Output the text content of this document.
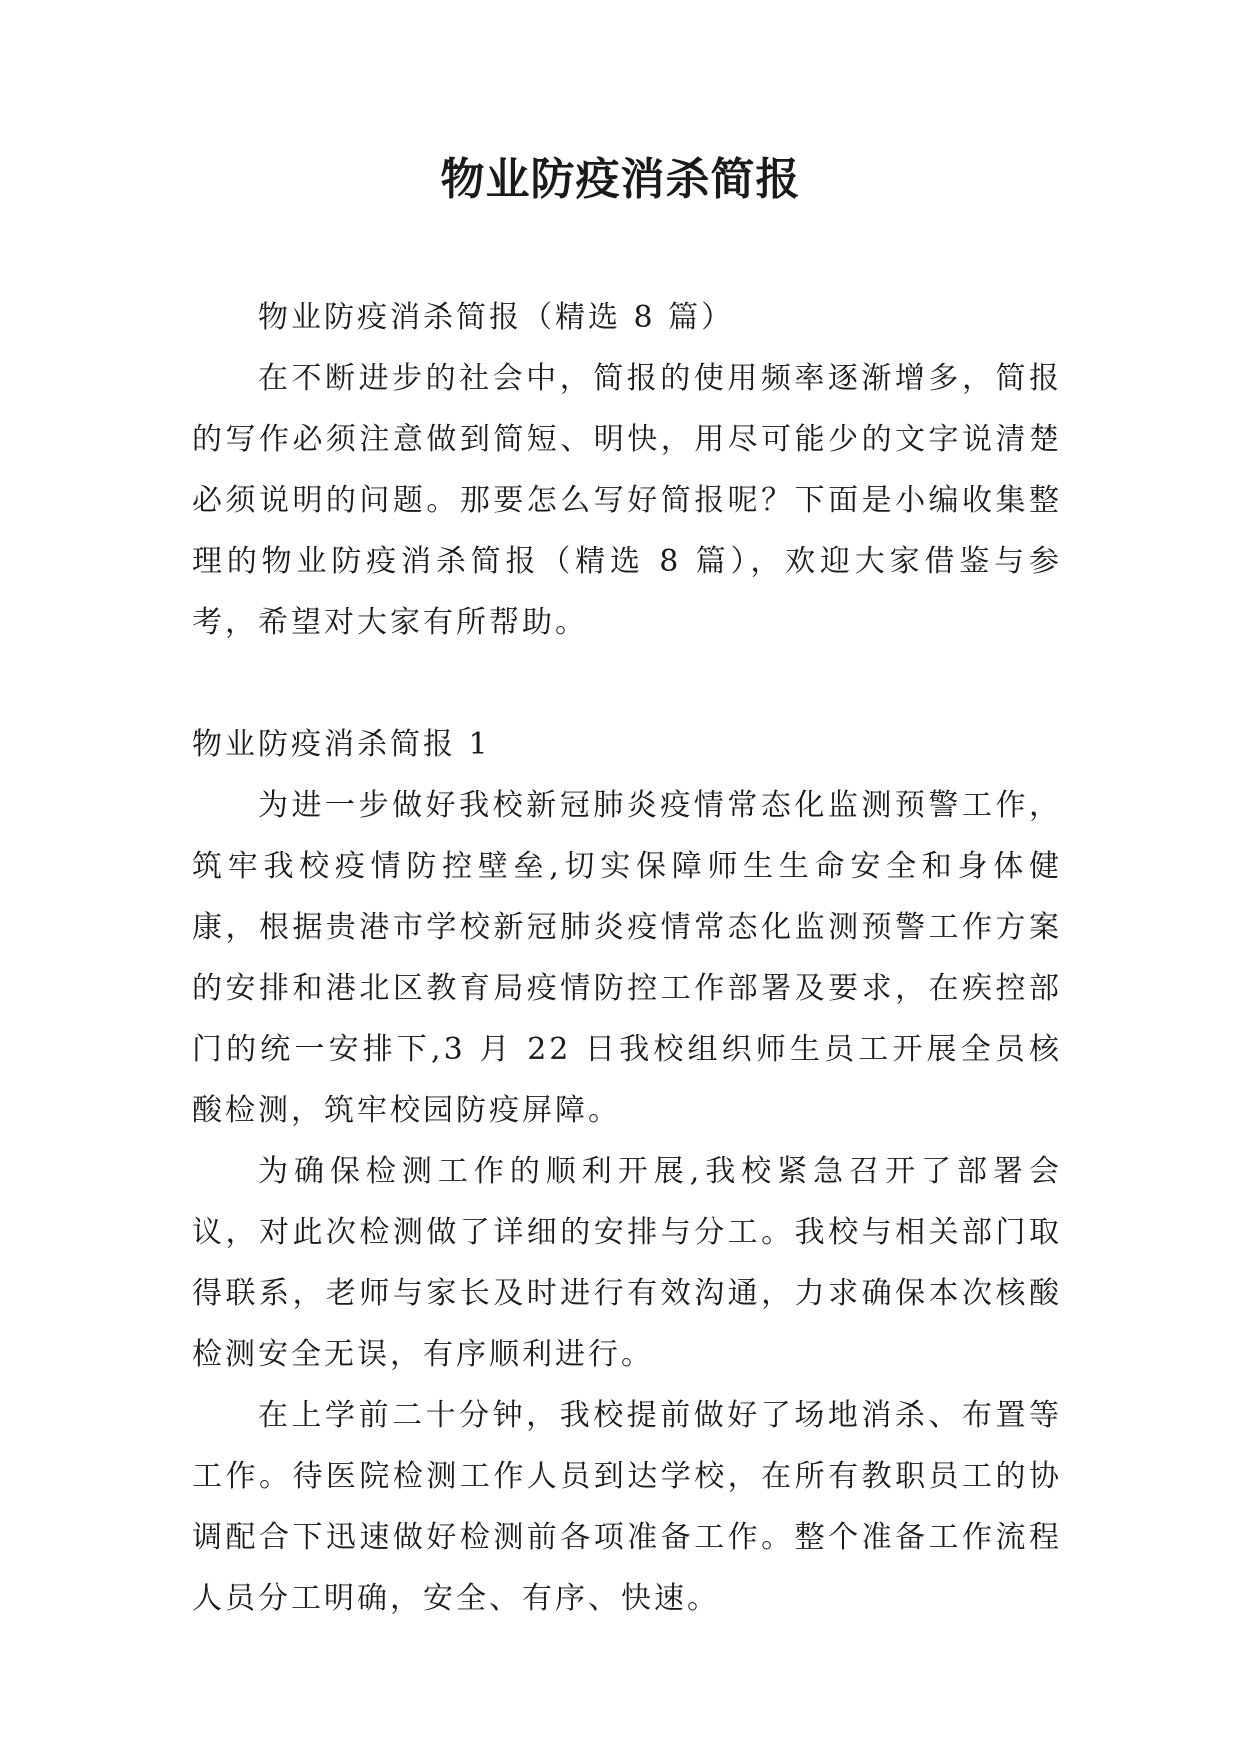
物业防疫消杀简报

物业防疫消杀简报（精选 8 篇）

在不断进步的社会中，简报的使用频率逐渐增多，简报的写作必须注意做到简短、明快，用尽可能少的文字说清楚必须说明的问题。那要怎么写好简报呢？下面是小编收集整理的物业防疫消杀简报（精选 8 篇），欢迎大家借鉴与参考，希望对大家有所帮助。

物业防疫消杀简报 1

为进一步做好我校新冠肺炎疫情常态化监测预警工作，筑牢我校疫情防控壁垒,切实保障师生生命安全和身体健康，根据贵港市学校新冠肺炎疫情常态化监测预警工作方案的安排和港北区教育局疫情防控工作部署及要求，在疾控部门的统一安排下,3 月 22 日我校组织师生员工开展全员核酸检测，筑牢校园防疫屏障。

为确保检测工作的顺利开展,我校紧急召开了部署会议，对此次检测做了详细的安排与分工。我校与相关部门取得联系，老师与家长及时进行有效沟通，力求确保本次核酸检测安全无误，有序顺利进行。

在上学前二十分钟，我校提前做好了场地消杀、布置等工作。待医院检测工作人员到达学校，在所有教职员工的协调配合下迅速做好检测前各项准备工作。整个准备工作流程人员分工明确，安全、有序、快速。
